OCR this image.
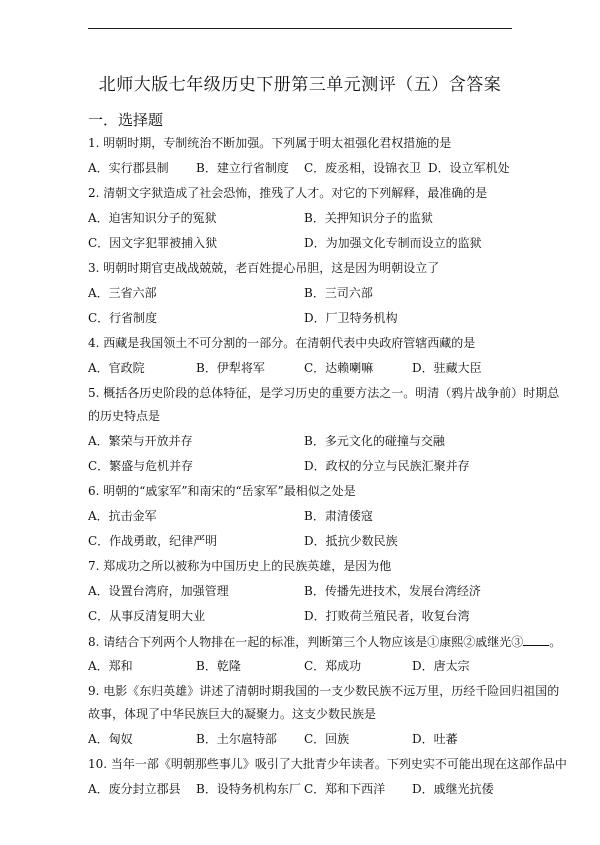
北师大版七年级历史下册第三单元测评（五）含答案
一．选择题
1. 明朝时期，专制统治不断加强。下列属于明太祖强化君权措施的是
A．实行郡县制 B．建立行省制度 C．废丞相，设锦衣卫 D．设立军机处
2. 清朝文字狱造成了社会恐怖，推残了人才。对它的下列解释，最准确的是
A．迫害知识分子的冤狱	B．关押知识分子的监狱
C．因文字犯罪被捕入狱	D．为加强文化专制而设立的监狱
3. 明朝时期官吏战战兢兢，老百姓提心吊胆，这是因为明朝设立了
A．三省六部	B．三司六部
C．行省制度	D．厂卫特务机构
4. 西藏是我国领土不可分割的一部分。在清朝代表中央政府管辖西藏的是
A．官政院	B．伊犁将军	C．达赖喇嘛	D．驻藏大臣
5. 概括各历史阶段的总体特征，是学习历史的重要方法之一。明清（鸦片战争前）时期总
的历史特点是
A．繁荣与开放并存	B．多元文化的碰撞与交融
C．繁盛与危机并存	D．政权的分立与民族汇聚并存
6. 明朝的“戚家军”和南宋的“岳家军”最相似之处是
A．抗击金军	B．肃清倭寇
C．作战勇敢，纪律严明	D．抵抗少数民族
7. 郑成功之所以被称为中国历史上的民族英雄，是因为他
A．设置台湾府，加强管理	B．传播先进技术，发展台湾经济
C．从事反清复明大业	D．打败荷兰殖民者，收复台湾
8. 请结合下列两个人物排在一起的标准，判断第三个人物应该是①康熙②戚继光③ 。
A．郑和	B．乾隆	C．郑成功	D．唐太宗
9. 电影《东归英雄》讲述了清朝时期我国的一支少数民族不远万里，历经千险回归祖国的
故事，体现了中华民族巨大的凝聚力。这支少数民族是
A．匈奴	B．土尔扈特部 C．回族	D．吐蕃
10. 当年一部《明朝那些事儿》吸引了大批青少年读者。下列史实不可能出现在这部作品中
A．废分封立郡县 B．设特务机构东厂 C．郑和下西洋 D．戚继光抗倭
